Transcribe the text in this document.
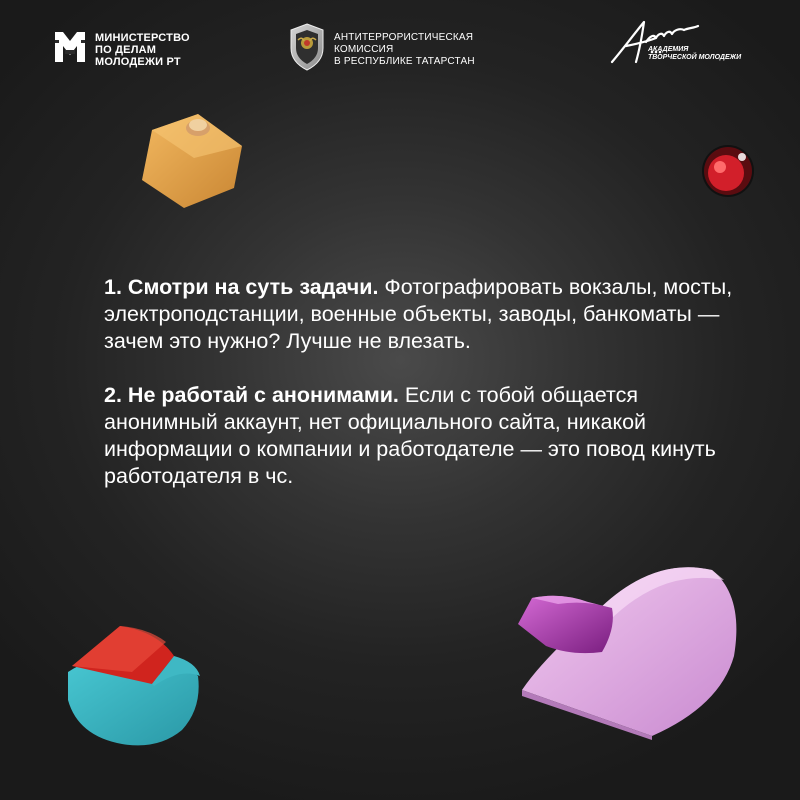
МИНИСТЕРСТВО
ПО ДЕЛАМ
МОЛОДЕЖИ РТ
АНТИТЕРРОРИСТИЧЕСКАЯ
КОМИССИЯ
В РЕСПУБЛИКЕ ТАТАРСТАН
АКАДЕМИЯ
ТВОРЧЕСКОЙ МОЛОДЕЖИ

1. Смотри на суть задачи. Фотографировать вокзалы, мосты, электроподстанции, военные объекты, заводы, банкоматы — зачем это нужно? Лучше не влезать.

2. Не работай с анонимами. Если с тобой общается анонимный аккаунт, нет официального сайта, никакой информации о компании и работодателе — это повод кинуть работодателя в чс.
